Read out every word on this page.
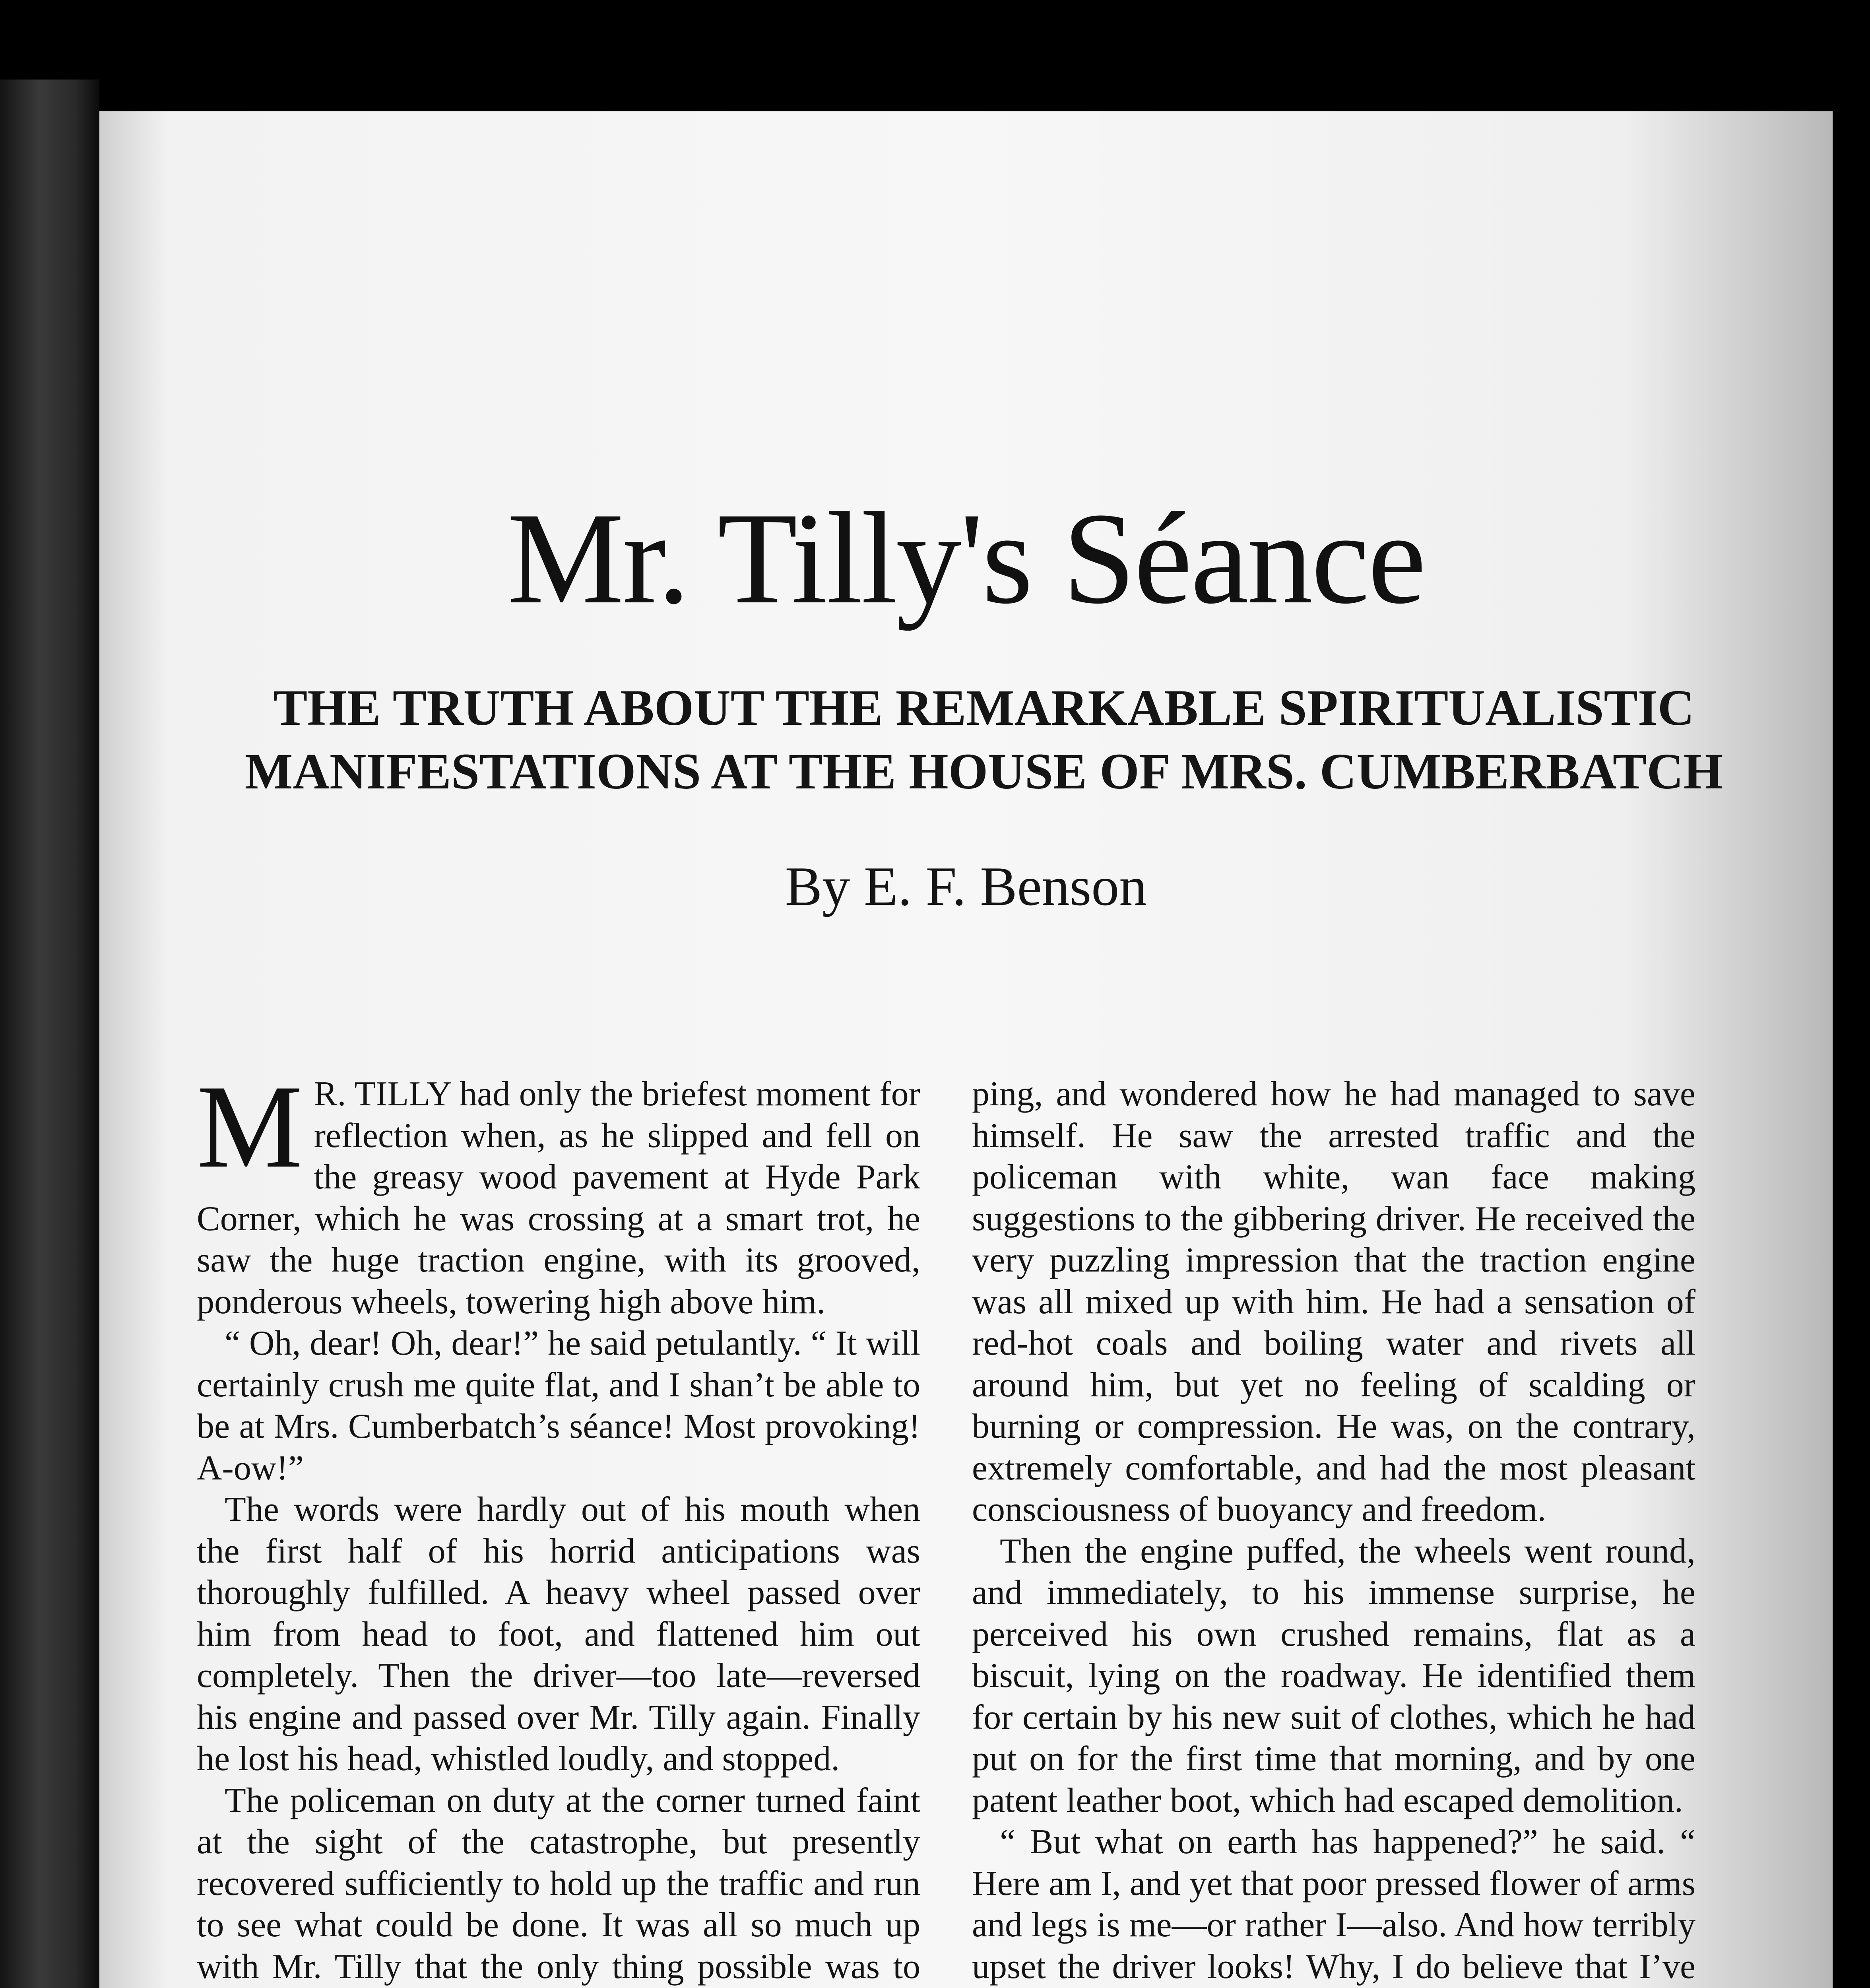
Mr. Tilly's Séance
THE TRUTH ABOUT THE REMARKABLE SPIRITUALISTIC MANIFESTATIONS AT THE HOUSE OF MRS. CUMBERBATCH
By E. F. Benson

M R. TILLY had only the briefest moment for reflection when, as he slipped and fell on the greasy wood pavement at Hyde Park Corner, which he was crossing at a smart trot, he saw the huge traction engine, with its grooved, ponderous wheels, towering high above him.

“ Oh, dear! Oh, dear!” he said petulantly. “ It will certainly crush me quite flat, and I shan’t be able to be at Mrs. Cumberbatch’s séance! Most provoking! A-ow!”

The words were hardly out of his mouth when the first half of his horrid anticipations was thoroughly fulfilled. A heavy wheel passed over him from head to foot, and flattened him out completely. Then the driver—too late—reversed his engine and passed over Mr. Tilly again. Finally he lost his head, whistled loudly, and stopped.

The policeman on duty at the corner turned faint at the sight of the catastrophe, but presently recovered sufficiently to hold up the traffic and run to see what could be done. It was all so much up with Mr. Tilly that the only thing possible was to

ping, and wondered how he had managed to save himself. He saw the arrested traffic and the policeman with white, wan face making suggestions to the gibbering driver. He received the very puzzling impression that the traction engine was all mixed up with him. He had a sensation of red-hot coals and boiling water and rivets all around him, but yet no feeling of scalding or burning or compression. He was, on the contrary, extremely comfortable, and had the most pleasant consciousness of buoyancy and freedom.

Then the engine puffed, the wheels went round, and immediately, to his immense surprise, he perceived his own crushed remains, flat as a biscuit, lying on the roadway. He identified them for certain by his new suit of clothes, which he had put on for the first time that morning, and by one patent leather boot, which had escaped demolition.

“ But what on earth has happened?” he said. “ Here am I, and yet that poor pressed flower of arms and legs is me—or rather I—also. And how terribly upset the driver looks! Why, I do believe that I’ve
